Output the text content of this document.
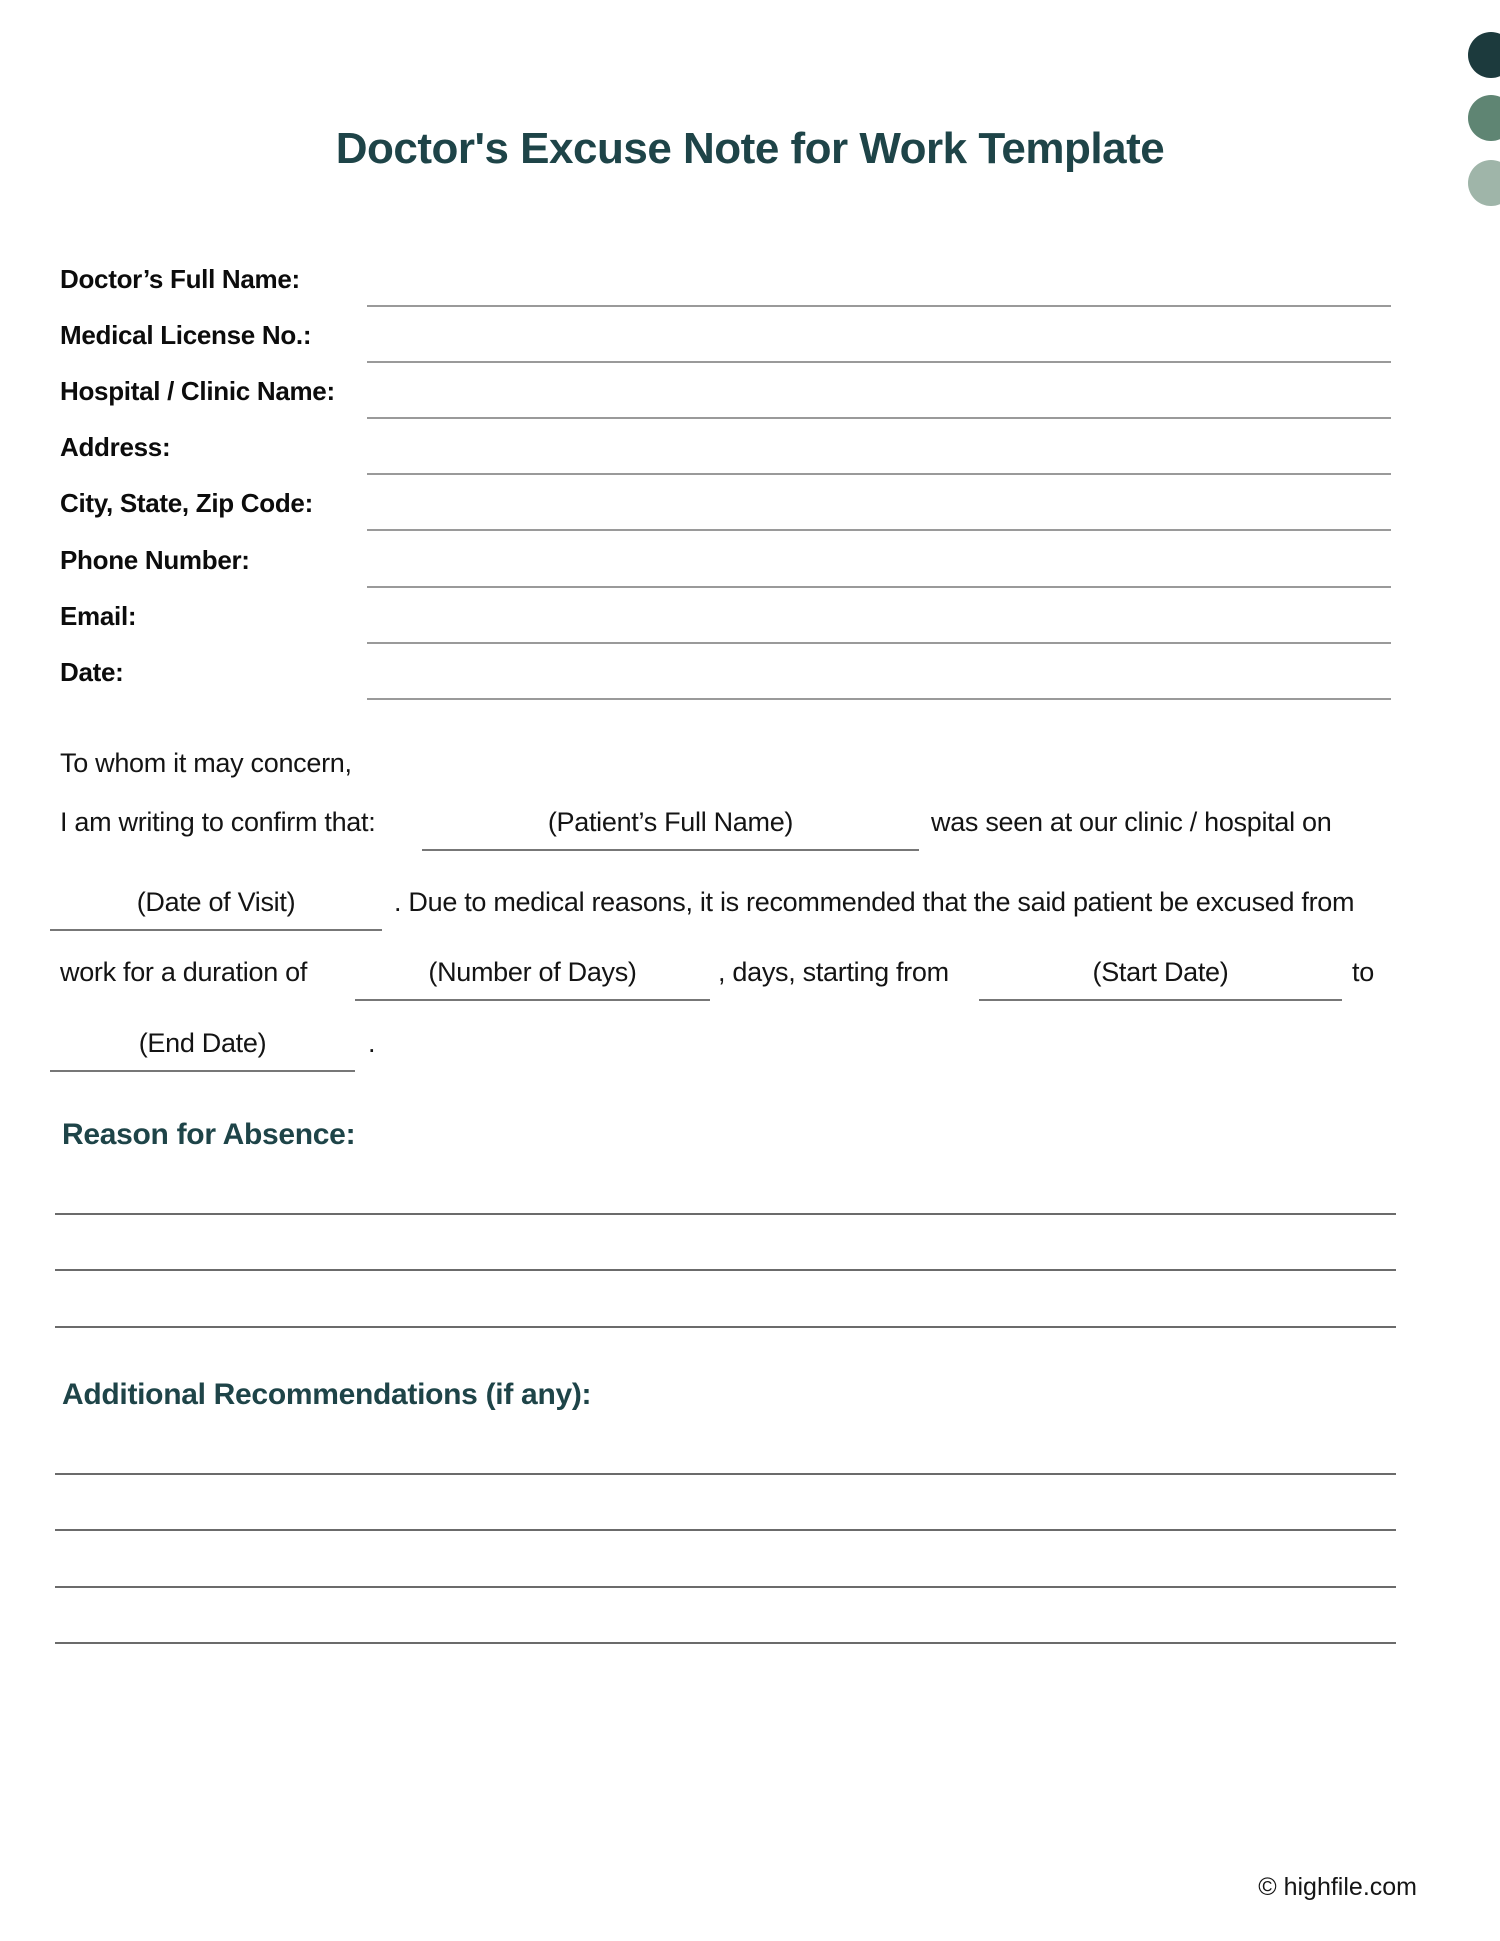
Doctor's Excuse Note for Work Template
Doctor’s Full Name:
Medical License No.:
Hospital / Clinic Name:
Address:
City, State, Zip Code:
Phone Number:
Email:
Date:
To whom it may concern,
I am writing to confirm that:	(Patient’s Full Name)	was seen at our clinic / hospital on
(Date of Visit)	. Due to medical reasons, it is recommended that the said patient be excused from
work for a duration of	(Number of Days)	, days, starting from	(Start Date)	to
(End Date)	.
Reason for Absence:
Additional Recommendations (if any):
© highfile.com
